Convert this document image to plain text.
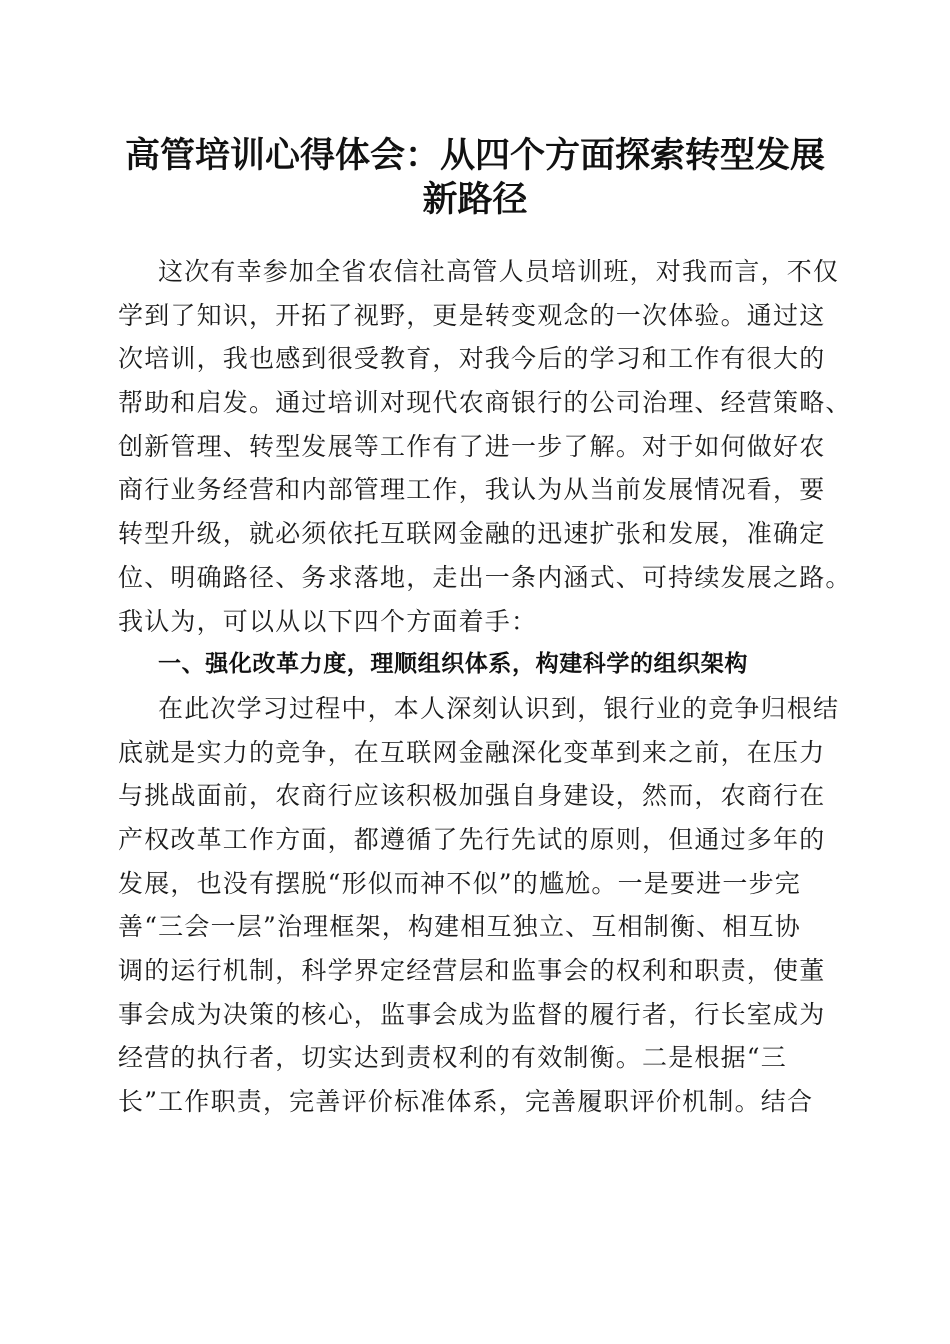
高管培训心得体会：从四个方面探索转型发展
新路径
这次有幸参加全省农信社高管人员培训班，对我而言，不仅
学到了知识，开拓了视野，更是转变观念的一次体验。通过这
次培训，我也感到很受教育，对我今后的学习和工作有很大的
帮助和启发。通过培训对现代农商银行的公司治理、经营策略、
创新管理、转型发展等工作有了进一步了解。对于如何做好农
商行业务经营和内部管理工作，我认为从当前发展情况看，要
转型升级，就必须依托互联网金融的迅速扩张和发展，准确定
位、明确路径、务求落地，走出一条内涵式、可持续发展之路。
我认为，可以从以下四个方面着手：
一、强化改革力度，理顺组织体系，构建科学的组织架构
在此次学习过程中，本人深刻认识到，银行业的竞争归根结
底就是实力的竞争，在互联网金融深化变革到来之前，在压力
与挑战面前，农商行应该积极加强自身建设，然而，农商行在
产权改革工作方面，都遵循了先行先试的原则，但通过多年的
发展，也没有摆脱“形似而神不似”的尴尬。一是要进一步完
善“三会一层”治理框架，构建相互独立、互相制衡、相互协
调的运行机制，科学界定经营层和监事会的权利和职责，使董
事会成为决策的核心，监事会成为监督的履行者，行长室成为
经营的执行者，切实达到责权利的有效制衡。二是根据“三
长”工作职责，完善评价标准体系，完善履职评价机制。结合
